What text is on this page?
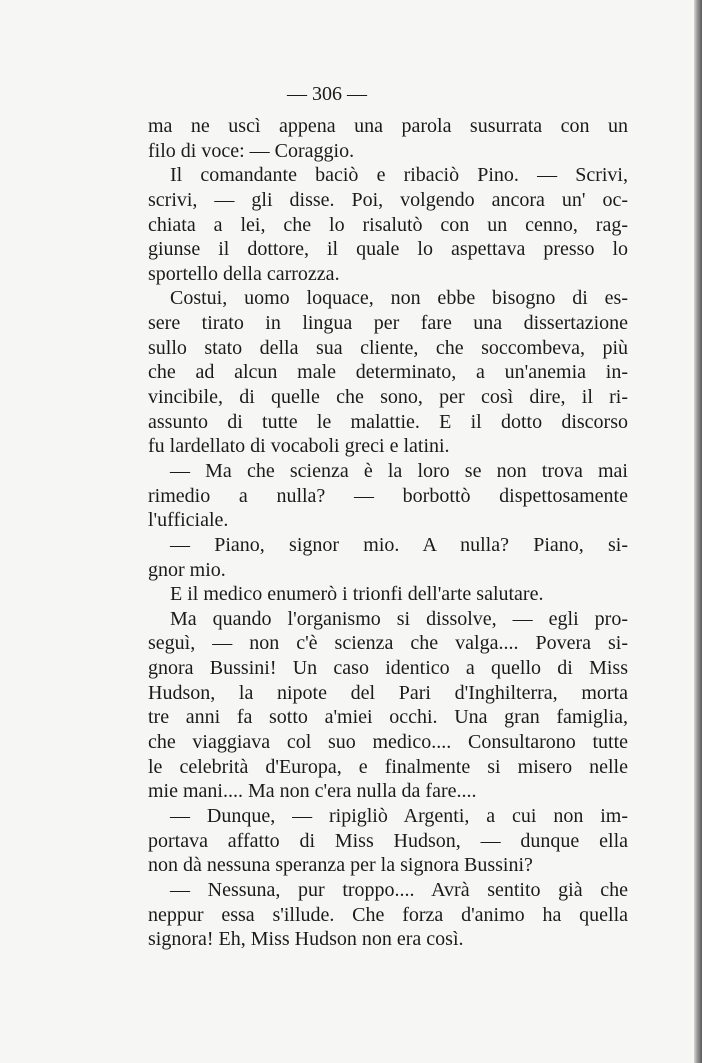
— 306 —
ma ne uscì appena una parola susurrata con un
filo di voce: — Coraggio.
Il comandante baciò e ribaciò Pino. — Scrivi,
scrivi, — gli disse. Poi, volgendo ancora un' oc-
chiata a lei, che lo risalutò con un cenno, rag-
giunse il dottore, il quale lo aspettava presso lo
sportello della carrozza.
Costui, uomo loquace, non ebbe bisogno di es-
sere tirato in lingua per fare una dissertazione
sullo stato della sua cliente, che soccombeva, più
che ad alcun male determinato, a un'anemia in-
vincibile, di quelle che sono, per così dire, il ri-
assunto di tutte le malattie. E il dotto discorso
fu lardellato di vocaboli greci e latini.
— Ma che scienza è la loro se non trova mai
rimedio a nulla? — borbottò dispettosamente
l'ufficiale.
— Piano, signor mio. A nulla? Piano, si-
gnor mio.
E il medico enumerò i trionfi dell'arte salutare.
Ma quando l'organismo si dissolve, — egli pro-
seguì, — non c'è scienza che valga.... Povera si-
gnora Bussini! Un caso identico a quello di Miss
Hudson, la nipote del Pari d'Inghilterra, morta
tre anni fa sotto a'miei occhi. Una gran famiglia,
che viaggiava col suo medico.... Consultarono tutte
le celebrità d'Europa, e finalmente si misero nelle
mie mani.... Ma non c'era nulla da fare....
— Dunque, — ripigliò Argenti, a cui non im-
portava affatto di Miss Hudson, — dunque ella
non dà nessuna speranza per la signora Bussini?
— Nessuna, pur troppo.... Avrà sentito già che
neppur essa s'illude. Che forza d'animo ha quella
signora! Eh, Miss Hudson non era così.
